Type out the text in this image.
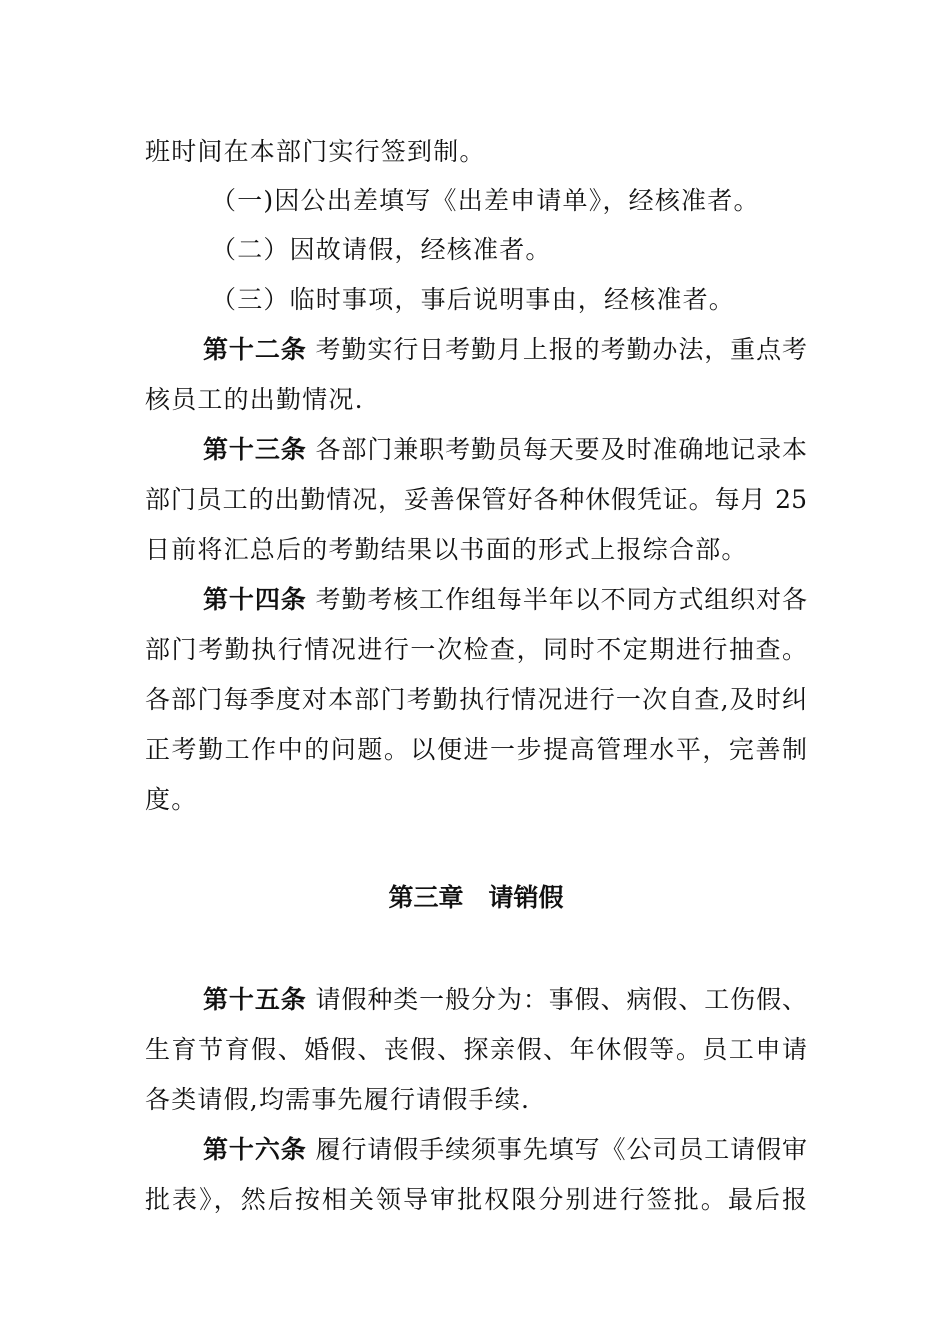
班时间在本部门实行签到制。
（一)因公出差填写《出差申请单》，经核准者。
（二）因故请假，经核准者。
（三）临时事项，事后说明事由，经核准者。
第十二条 考勤实行日考勤月上报的考勤办法，重点考
核员工的出勤情况.
第十三条 各部门兼职考勤员每天要及时准确地记录本
部门员工的出勤情况，妥善保管好各种休假凭证。每月 25
日前将汇总后的考勤结果以书面的形式上报综合部。
第十四条 考勤考核工作组每半年以不同方式组织对各
部门考勤执行情况进行一次检查，同时不定期进行抽查。
各部门每季度对本部门考勤执行情况进行一次自查,及时纠
正考勤工作中的问题。以便进一步提高管理水平，完善制
度。
第三章　请销假
第十五条 请假种类一般分为：事假、病假、工伤假、
生育节育假、婚假、丧假、探亲假、年休假等。员工申请
各类请假,均需事先履行请假手续.
第十六条 履行请假手续须事先填写《公司员工请假审
批表》，然后按相关领导审批权限分别进行签批。最后报
